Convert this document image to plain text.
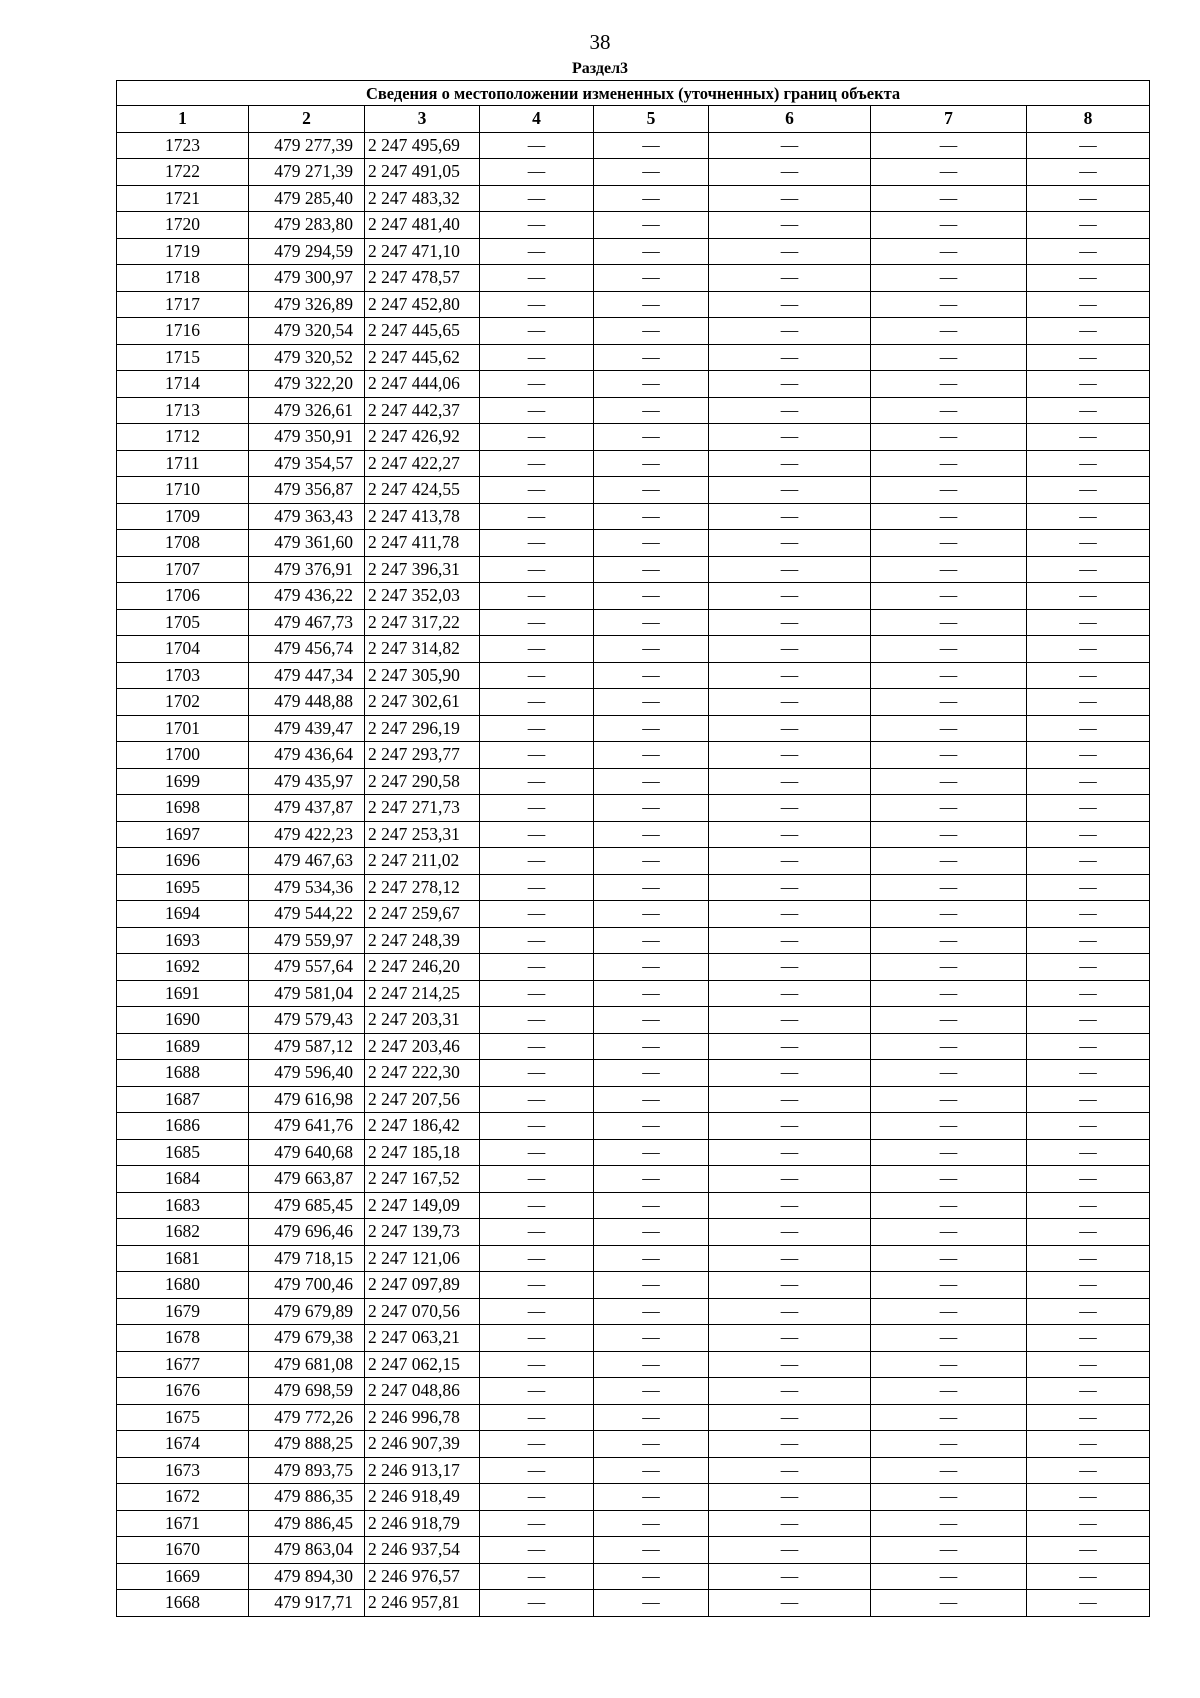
38
Раздел3
Сведения о местоположении измененных (уточненных) границ объекта							
1	2	3	4	5	6	7	8
1723	479 277,39	2 247 495,69	—	—	—	—	—
1722	479 271,39	2 247 491,05	—	—	—	—	—
1721	479 285,40	2 247 483,32	—	—	—	—	—
1720	479 283,80	2 247 481,40	—	—	—	—	—
1719	479 294,59	2 247 471,10	—	—	—	—	—
1718	479 300,97	2 247 478,57	—	—	—	—	—
1717	479 326,89	2 247 452,80	—	—	—	—	—
1716	479 320,54	2 247 445,65	—	—	—	—	—
1715	479 320,52	2 247 445,62	—	—	—	—	—
1714	479 322,20	2 247 444,06	—	—	—	—	—
1713	479 326,61	2 247 442,37	—	—	—	—	—
1712	479 350,91	2 247 426,92	—	—	—	—	—
1711	479 354,57	2 247 422,27	—	—	—	—	—
1710	479 356,87	2 247 424,55	—	—	—	—	—
1709	479 363,43	2 247 413,78	—	—	—	—	—
1708	479 361,60	2 247 411,78	—	—	—	—	—
1707	479 376,91	2 247 396,31	—	—	—	—	—
1706	479 436,22	2 247 352,03	—	—	—	—	—
1705	479 467,73	2 247 317,22	—	—	—	—	—
1704	479 456,74	2 247 314,82	—	—	—	—	—
1703	479 447,34	2 247 305,90	—	—	—	—	—
1702	479 448,88	2 247 302,61	—	—	—	—	—
1701	479 439,47	2 247 296,19	—	—	—	—	—
1700	479 436,64	2 247 293,77	—	—	—	—	—
1699	479 435,97	2 247 290,58	—	—	—	—	—
1698	479 437,87	2 247 271,73	—	—	—	—	—
1697	479 422,23	2 247 253,31	—	—	—	—	—
1696	479 467,63	2 247 211,02	—	—	—	—	—
1695	479 534,36	2 247 278,12	—	—	—	—	—
1694	479 544,22	2 247 259,67	—	—	—	—	—
1693	479 559,97	2 247 248,39	—	—	—	—	—
1692	479 557,64	2 247 246,20	—	—	—	—	—
1691	479 581,04	2 247 214,25	—	—	—	—	—
1690	479 579,43	2 247 203,31	—	—	—	—	—
1689	479 587,12	2 247 203,46	—	—	—	—	—
1688	479 596,40	2 247 222,30	—	—	—	—	—
1687	479 616,98	2 247 207,56	—	—	—	—	—
1686	479 641,76	2 247 186,42	—	—	—	—	—
1685	479 640,68	2 247 185,18	—	—	—	—	—
1684	479 663,87	2 247 167,52	—	—	—	—	—
1683	479 685,45	2 247 149,09	—	—	—	—	—
1682	479 696,46	2 247 139,73	—	—	—	—	—
1681	479 718,15	2 247 121,06	—	—	—	—	—
1680	479 700,46	2 247 097,89	—	—	—	—	—
1679	479 679,89	2 247 070,56	—	—	—	—	—
1678	479 679,38	2 247 063,21	—	—	—	—	—
1677	479 681,08	2 247 062,15	—	—	—	—	—
1676	479 698,59	2 247 048,86	—	—	—	—	—
1675	479 772,26	2 246 996,78	—	—	—	—	—
1674	479 888,25	2 246 907,39	—	—	—	—	—
1673	479 893,75	2 246 913,17	—	—	—	—	—
1672	479 886,35	2 246 918,49	—	—	—	—	—
1671	479 886,45	2 246 918,79	—	—	—	—	—
1670	479 863,04	2 246 937,54	—	—	—	—	—
1669	479 894,30	2 246 976,57	—	—	—	—	—
1668	479 917,71	2 246 957,81	—	—	—	—	—
